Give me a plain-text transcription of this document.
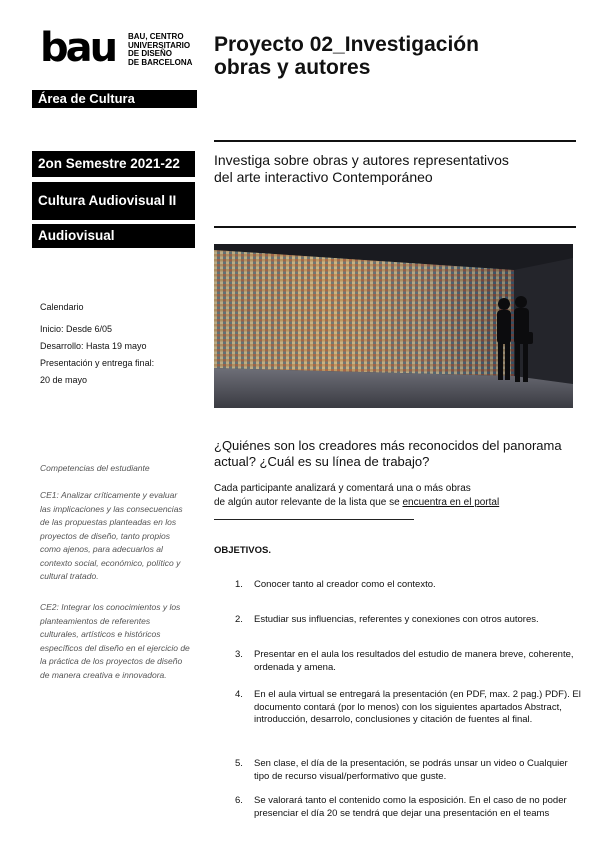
bau	BAU, CENTRO
UNIVERSITARIO
DE DISEÑO
DE BARCELONA
Proyecto 02_Investigación
obras y autores
Área de Cultura
2on Semestre 2021-22
Cultura Audiovisual II
Audiovisual
Investiga sobre obras y autores representativos del arte interactivo Contemporáneo
Calendario
Inicio: Desde 6/05
Desarrollo: Hasta 19 mayo
Presentación y entrega final:
20 de mayo
Competencias del estudiante
CE1: Analizar críticamente y evaluar las implicaciones y las consecuencias de las propuestas planteadas en los proyectos de diseño, tanto propios como ajenos, para adecuarlos al contexto social, económico, político y cultural tratado.
CE2: Integrar los conocimientos y los planteamientos de referentes culturales, artísticos e históricos específicos del diseño en el ejercicio de la práctica de los proyectos de diseño de manera creativa e innovadora.
¿Quiénes son los creadores más reconocidos del panorama actual? ¿Cuál es su línea de trabajo?
Cada participante analizará y comentará una o más obras
de algún autor relevante de la lista que se encuentra en el portal
OBJETIVOS.
1. Conocer tanto al creador como el contexto.
2. Estudiar sus influencias, referentes y conexiones con otros autores.
3. Presentar en el aula los resultados del estudio de manera breve, coherente, ordenada y amena.
4. En el aula virtual se entregará la presentación (en PDF, max. 2 pag.) PDF). El documento contará (por lo menos) con los siguientes apartados Abstract, introducción, desarrolo, conclusiones y citación de fuentes al final.
5. Sen clase, el día de la presentación, se podrás unsar un video o Cualquier tipo de recurso visual/performativo que guste.
6. Se valorará tanto el contenido como la esposición. En el caso de no poder presenciar el día 20 se tendrá que dejar una presentación en el teams
